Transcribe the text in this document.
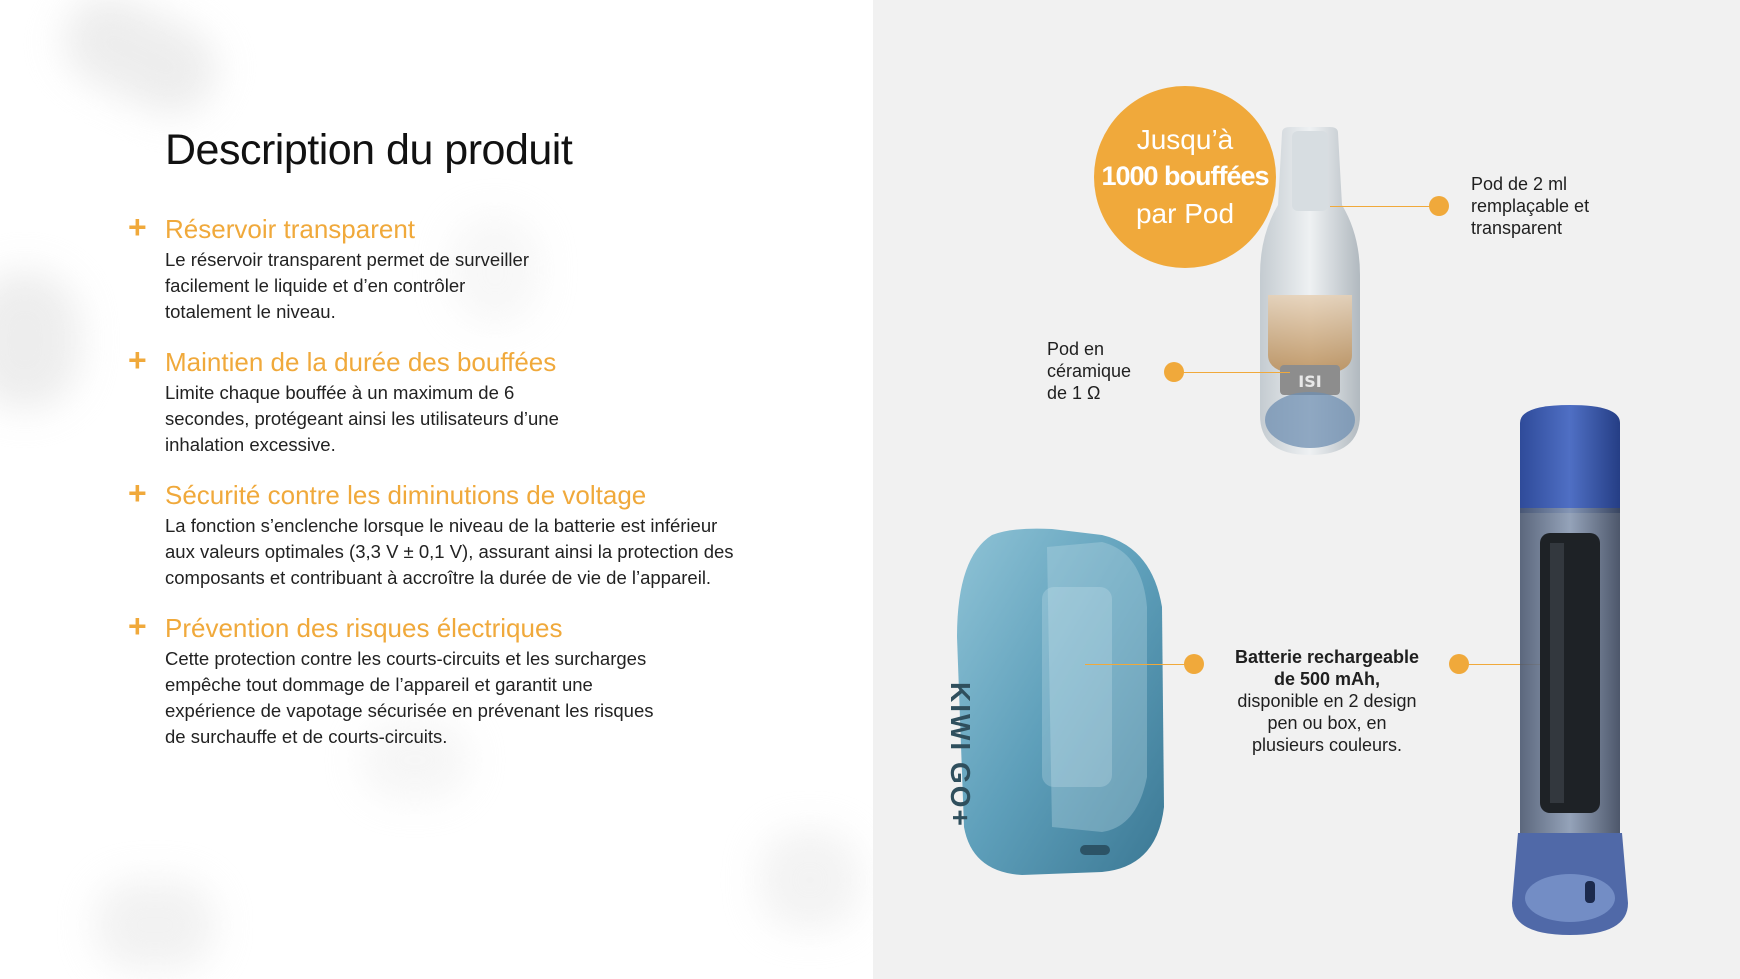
Description du produit
+ Réservoir transparent
Le réservoir transparent permet de surveiller
facilement le liquide et d’en contrôler
totalement le niveau.
+ Maintien de la durée des bouffées
Limite chaque bouffée à un maximum de 6
secondes, protégeant ainsi les utilisateurs d’une
inhalation excessive.
+ Sécurité contre les diminutions de voltage
La fonction s’enclenche lorsque le niveau de la batterie est inférieur
aux valeurs optimales (3,3 V ± 0,1 V), assurant ainsi la protection des
composants et contribuant à accroître la durée de vie de l’appareil.
+ Prévention des risques électriques
Cette protection contre les courts-circuits et les surcharges
empêche tout dommage de l’appareil et garantit une
expérience de vapotage sécurisée en prévenant les risques
de surchauffe et de courts-circuits.
ISI
Jusqu’à
1000 bouffées
par Pod
Pod de 2 ml
remplaçable et
transparent
Pod en
céramique
de 1 Ω
KIWI GO+
Batterie rechargeable
de 500 mAh,
disponible en 2 design
pen ou box, en
plusieurs couleurs.
